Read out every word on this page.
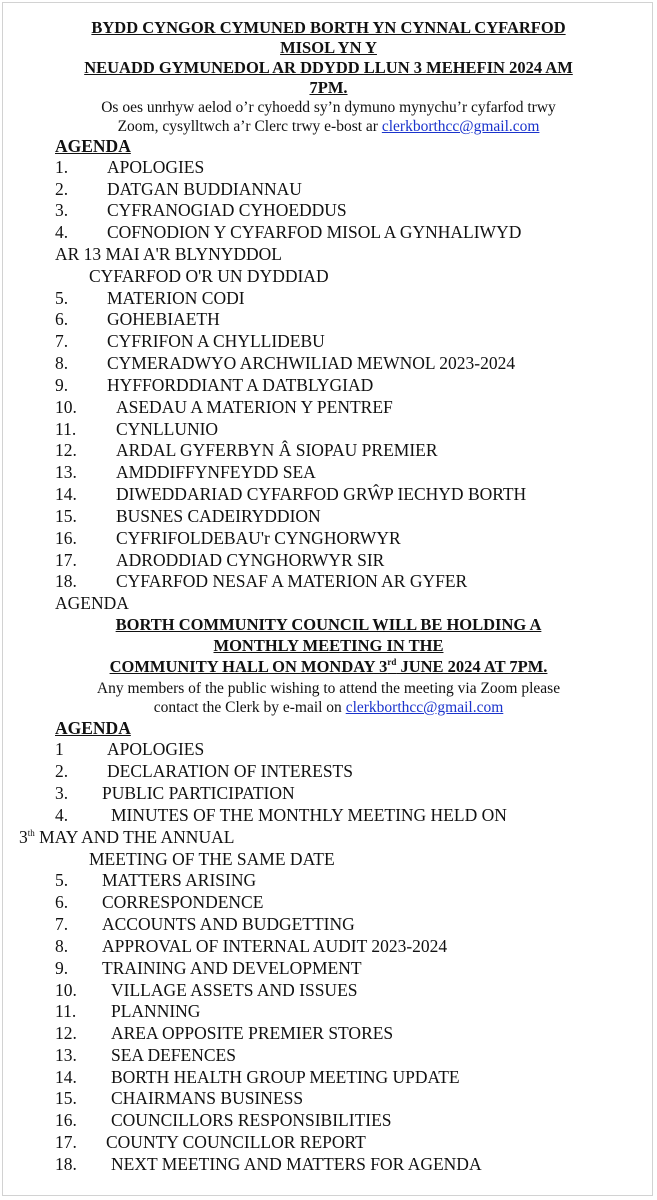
BYDD CYNGOR CYMUNED BORTH YN CYNNAL CYFARFOD
MISOL YN Y
NEUADD GYMUNEDOL AR DDYDD LLUN 3 MEHEFIN 2024 AM
7PM.
Os oes unrhyw aelod o’r cyhoedd sy’n dymuno mynychu’r cyfarfod trwy
Zoom, cysylltwch a’r Clerc trwy e-bost ar clerkborthcc@gmail.com
AGENDA
1. APOLOGIES
2. DATGAN BUDDIANNAU
3. CYFRANOGIAD CYHOEDDUS
4. COFNODION Y CYFARFOD MISOL A GYNHALIWYD
AR 13 MAI A'R BLYNYDDOL
CYFARFOD O'R UN DYDDIAD
5. MATERION CODI
6. GOHEBIAETH
7. CYFRIFON A CHYLLIDEBU
8. CYMERADWYO ARCHWILIAD MEWNOL 2023-2024
9. HYFFORDDIANT A DATBLYGIAD
10. ASEDAU A MATERION Y PENTREF
11. CYNLLUNIO
12. ARDAL GYFERBYN Â SIOPAU PREMIER
13. AMDDIFFYNFEYDD SEA
14. DIWEDDARIAD CYFARFOD GRŴP IECHYD BORTH
15. BUSNES CADEIRYDDION
16. CYFRIFOLDEBAU'r CYNGHORWYR
17. ADRODDIAD CYNGHORWYR SIR
18. CYFARFOD NESAF A MATERION AR GYFER
AGENDA
BORTH COMMUNITY COUNCIL WILL BE HOLDING A
MONTHLY MEETING IN THE
COMMUNITY HALL ON MONDAY 3rd JUNE 2024 AT 7PM.
Any members of the public wishing to attend the meeting via Zoom please
contact the Clerk by e-mail on clerkborthcc@gmail.com
AGENDA
1 APOLOGIES
2. DECLARATION OF INTERESTS
3. PUBLIC PARTICIPATION
4. MINUTES OF THE MONTHLY MEETING HELD ON
3th MAY AND THE ANNUAL
MEETING OF THE SAME DATE
5. MATTERS ARISING
6. CORRESPONDENCE
7. ACCOUNTS AND BUDGETTING
8. APPROVAL OF INTERNAL AUDIT 2023-2024
9. TRAINING AND DEVELOPMENT
10. VILLAGE ASSETS AND ISSUES
11. PLANNING
12. AREA OPPOSITE PREMIER STORES
13. SEA DEFENCES
14. BORTH HEALTH GROUP MEETING UPDATE
15. CHAIRMANS BUSINESS
16. COUNCILLORS RESPONSIBILITIES
17. COUNTY COUNCILLOR REPORT
18. NEXT MEETING AND MATTERS FOR AGENDA
